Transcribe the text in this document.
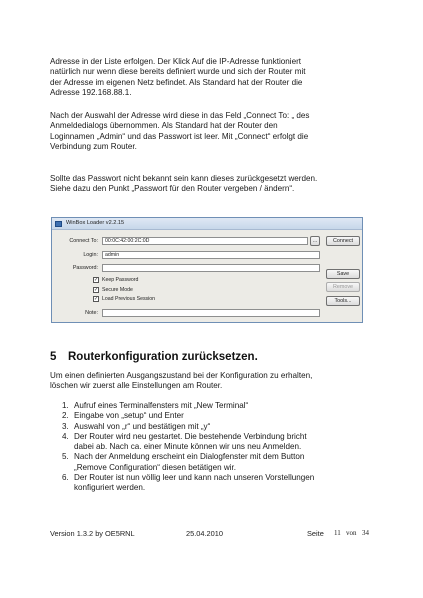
Adresse in der Liste erfolgen. Der Klick Auf die IP-Adresse funktioniert
natürlich nur wenn diese bereits definiert wurde und sich der Router mit
der Adresse im eigenen Netz befindet. Als Standard hat der Router die
Adresse 192.168.88.1.

Nach der Auswahl der Adresse wird diese in das Feld „Connect To: „ des
Anmeldedialogs übernommen. Als Standard hat der Router den
Loginnamen „Admin“ und das Passwort ist leer. Mit „Connect“ erfolgt die
Verbindung zum Router.

Sollte das Passwort nicht bekannt sein kann dieses zurückgesetzt werden.
Siehe dazu den Punkt „Passwort für den Router vergeben / ändern“.

WinBox Loader v2.2.15
Connect To:	00:0C:42:00:2C:0D	...	Connect
Login:	admin
Password:
Save
Remove
Tools...
✓ Keep Password
✓ Secure Mode
✓ Load Previous Session
Note:
5 Routerkonfiguration zurücksetzen.

Um einen definierten Ausgangszustand bei der Konfiguration zu erhalten,
löschen wir zuerst alle Einstellungen am Router.

1. Aufruf eines Terminalfensters mit „New Terminal“

2. Eingabe von „setup“ und Enter

3. Auswahl von „r“ und bestätigen mit „y“

4. Der Router wird neu gestartet. Die bestehende Verbindung bricht
dabei ab. Nach ca. einer Minute können wir uns neu Anmelden.

5. Nach der Anmeldung erscheint ein Dialogfenster mit dem Button
„Remove Configuration“ diesen betätigen wir.

6. Der Router ist nun völlig leer und kann nach unseren Vorstellungen
konfiguriert werden.

Version 1.3.2 by OE5RNL	25.04.2010	Seite 11 von 34
